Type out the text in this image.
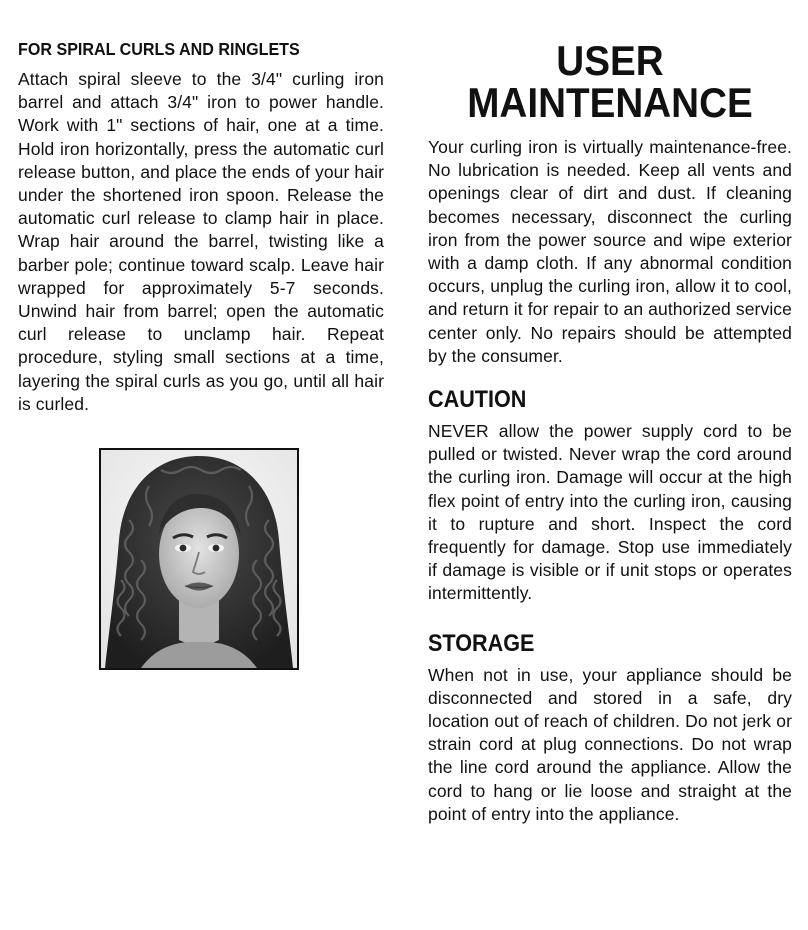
FOR SPIRAL CURLS AND RINGLETS

Attach spiral sleeve to the 3/4" curling iron barrel and attach 3/4" iron to power handle. Work with 1" sections of hair, one at a time. Hold iron horizontally, press the automatic curl release button, and place the ends of your hair under the shortened iron spoon. Release the automatic curl release to clamp hair in place. Wrap hair around the barrel, twisting like a barber pole; continue toward scalp. Leave hair wrapped for approximately 5-7 seconds. Unwind hair from barrel; open the automatic curl release to unclamp hair. Repeat procedure, styling small sections at a time, layering the spiral curls as you go, until all hair is curled.

USER
MAINTENANCE

Your curling iron is virtually maintenance-free. No lubrication is needed. Keep all vents and openings clear of dirt and dust. If cleaning becomes necessary, disconnect the curling iron from the power source and wipe exterior with a damp cloth. If any abnormal condition occurs, unplug the curling iron, allow it to cool, and return it for repair to an authorized service center only. No repairs should be attempted by the consumer.

CAUTION

NEVER allow the power supply cord to be pulled or twisted. Never wrap the cord around the curling iron. Damage will occur at the high flex point of entry into the curling iron, causing it to rupture and short. Inspect the cord frequently for damage. Stop use immediately if damage is visible or if unit stops or operates intermittently.

STORAGE

When not in use, your appliance should be disconnected and stored in a safe, dry location out of reach of children. Do not jerk or strain cord at plug connections. Do not wrap the line cord around the appliance. Allow the cord to hang or lie loose and straight at the point of entry into the appliance.
